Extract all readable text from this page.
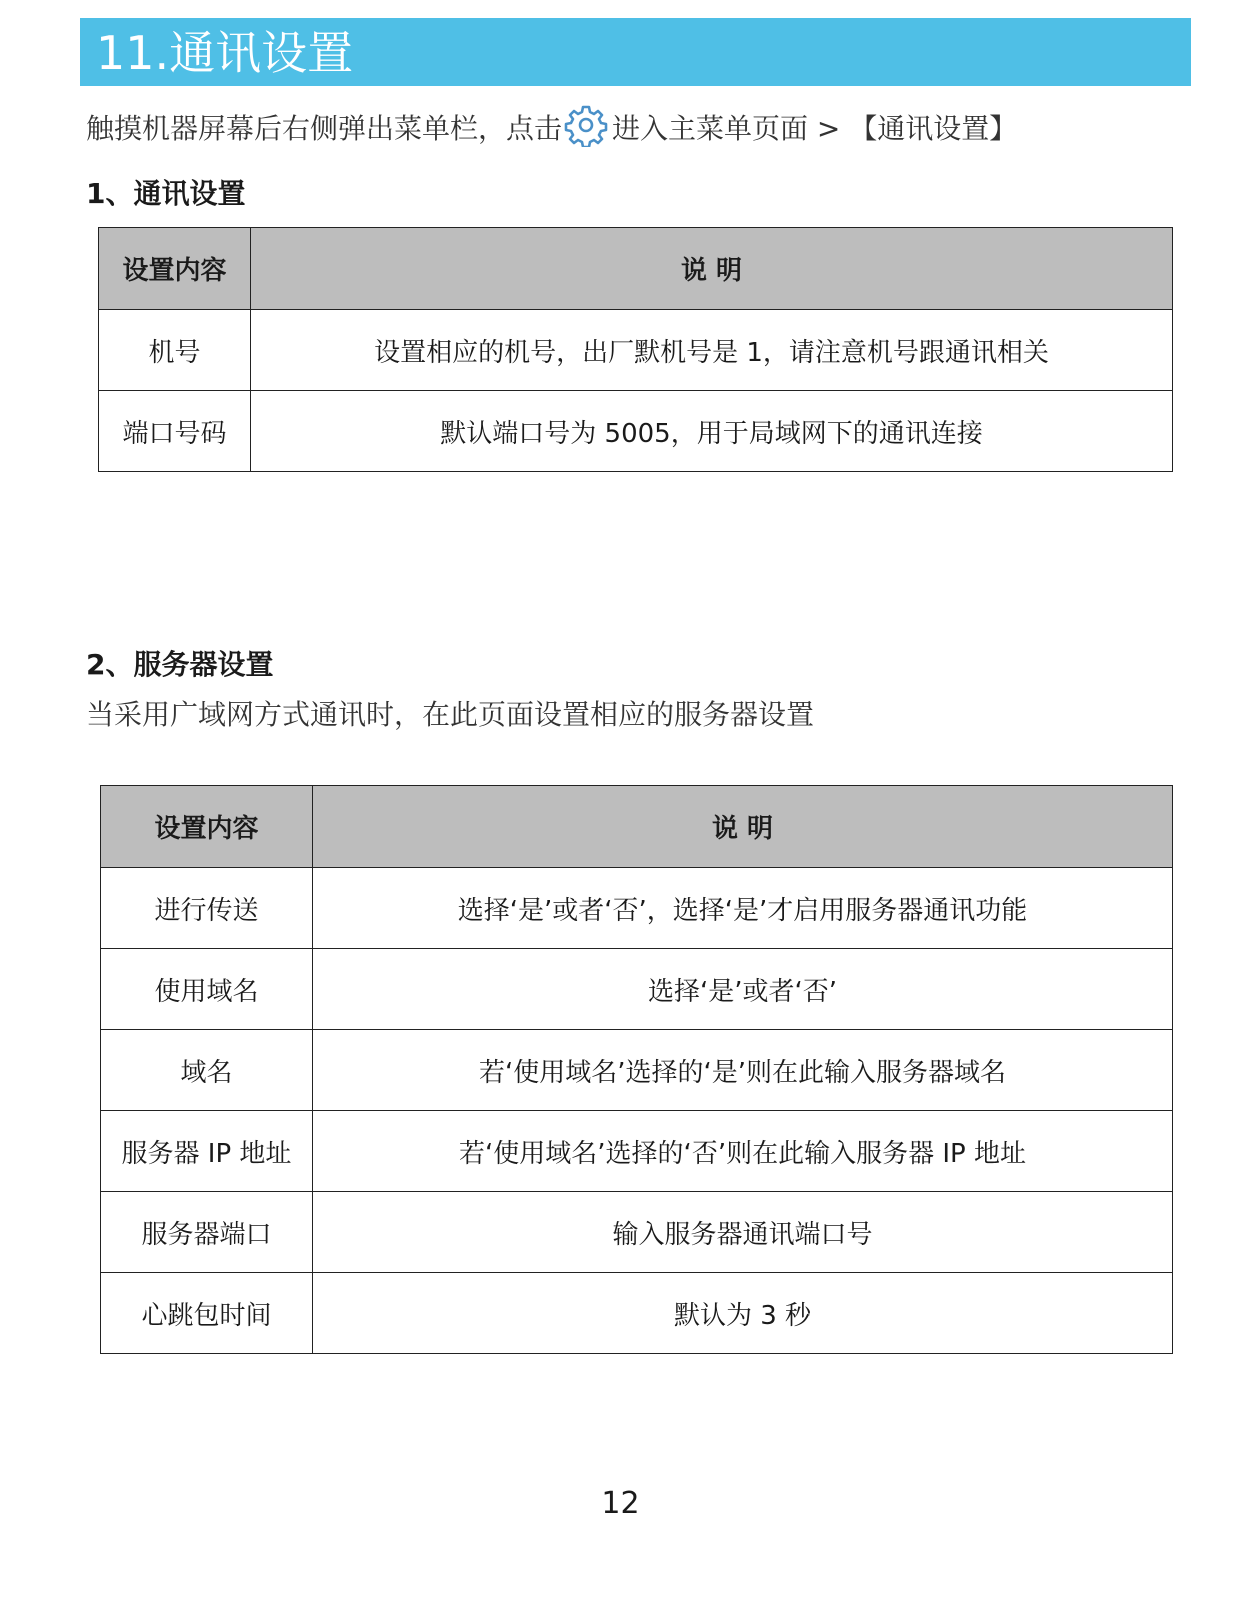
11.通讯设置
触摸机器屏幕后右侧弹出菜单栏，点击 进入主菜单页面 > 【通讯设置】
1、通讯设置
设置内容	说 明
机号	设置相应的机号，出厂默机号是 1，请注意机号跟通讯相关
端口号码	默认端口号为 5005，用于局域网下的通讯连接
2、服务器设置
当采用广域网方式通讯时，在此页面设置相应的服务器设置
设置内容	说 明
进行传送	选择‘是’或者‘否’，选择‘是’才启用服务器通讯功能
使用域名	选择‘是’或者‘否’
域名	若‘使用域名’选择的‘是’则在此输入服务器域名
服务器 IP 地址	若‘使用域名’选择的‘否’则在此输入服务器 IP 地址
服务器端口	输入服务器通讯端口号
心跳包时间	默认为 3 秒
12
